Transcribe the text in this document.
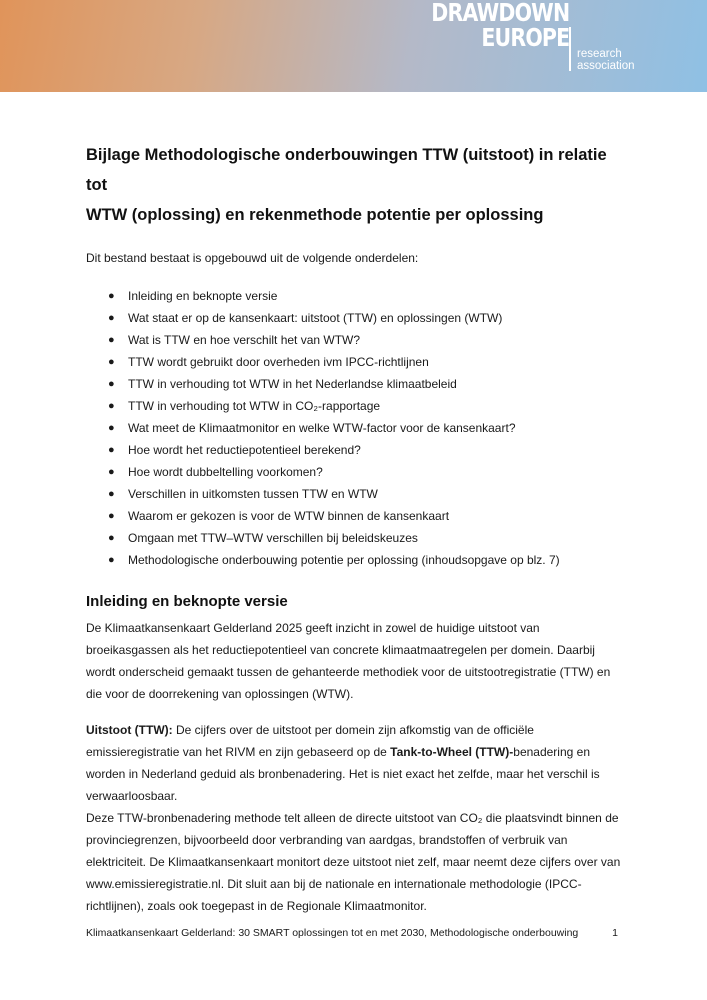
DRAWDOWN
EUROPE
research
association
Bijlage Methodologische onderbouwingen TTW (uitstoot) in relatie tot
WTW (oplossing) en rekenmethode potentie per oplossing

Dit bestand bestaat is opgebouwd uit de volgende onderdelen:

● Inleiding en beknopte versie
● Wat staat er op de kansenkaart: uitstoot (TTW) en oplossingen (WTW)
● Wat is TTW en hoe verschilt het van WTW?
● TTW wordt gebruikt door overheden ivm IPCC-richtlijnen
● TTW in verhouding tot WTW in het Nederlandse klimaatbeleid
● TTW in verhouding tot WTW in CO₂-rapportage
● Wat meet de Klimaatmonitor en welke WTW-factor voor de kansenkaart?
● Hoe wordt het reductiepotentieel berekend?
● Hoe wordt dubbeltelling voorkomen?
● Verschillen in uitkomsten tussen TTW en WTW
● Waarom er gekozen is voor de WTW binnen de kansenkaart
● Omgaan met TTW–WTW verschillen bij beleidskeuzes
● Methodologische onderbouwing potentie per oplossing (inhoudsopgave op blz. 7)
Inleiding en beknopte versie

De Klimaatkansenkaart Gelderland 2025 geeft inzicht in zowel de huidige uitstoot van broeikasgassen als het reductiepotentieel van concrete klimaatmaatregelen per domein. Daarbij wordt onderscheid gemaakt tussen de gehanteerde methodiek voor de uitstootregistratie (TTW) en die voor de doorrekening van oplossingen (WTW).

Uitstoot (TTW): De cijfers over de uitstoot per domein zijn afkomstig van de officiële emissieregistratie van het RIVM en zijn gebaseerd op de Tank-to-Wheel (TTW)-benadering en worden in Nederland geduid als bronbenadering. Het is niet exact het zelfde, maar het verschil is verwaarloosbaar.

Deze TTW-bronbenadering methode telt alleen de directe uitstoot van CO₂ die plaatsvindt binnen de provinciegrenzen, bijvoorbeeld door verbranding van aardgas, brandstoffen of verbruik van elektriciteit. De Klimaatkansenkaart monitort deze uitstoot niet zelf, maar neemt deze cijfers over van www.emissieregistratie.nl. Dit sluit aan bij de nationale en internationale methodologie (IPCC-richtlijnen), zoals ook toegepast in de Regionale Klimaatmonitor.

Klimaatkansenkaart Gelderland: 30 SMART oplossingen tot en met 2030, Methodologische onderbouwing	1
